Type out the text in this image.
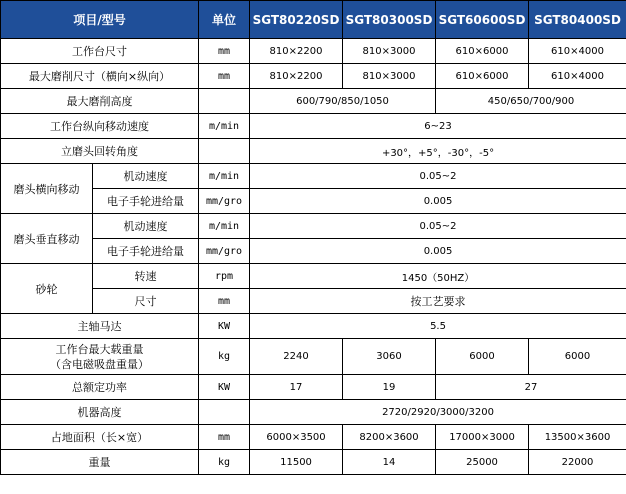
项目/型号		单位	SGT80220SD	SGT80300SD	SGT60600SD	SGT80400SD
工作台尺寸		mm	810×2200	810×3000	610×6000	610×4000
最大磨削尺寸（横向×纵向）		mm	810×2200	810×3000	610×6000	610×4000
最大磨削高度			600/790/850/1050		450/650/700/900	
工作台纵向移动速度		m/min	6~23			
立磨头回转角度			+30°，+5°，-30°，-5°			
磨头横向移动	机动速度	m/min	0.05~2			
	电子手轮进给量	mm/gro	0.005			
磨头垂直移动	机动速度	m/min	0.05~2			
	电子手轮进给量	mm/gro	0.005			
砂轮	转速	rpm	1450（50HZ）			
	尺寸	mm	按工艺要求			
主轴马达		KW	5.5			

工作台最大载重量
（含电磁吸盘重量）		kg	2240	3060	6000	6000
总额定功率		KW	17	19	27	
机器高度			2720/2920/3000/3200			
占地面积（长×宽）		mm	6000×3500	8200×3600	17000×3000	13500×3600
重量		kg	11500	14	25000	22000
